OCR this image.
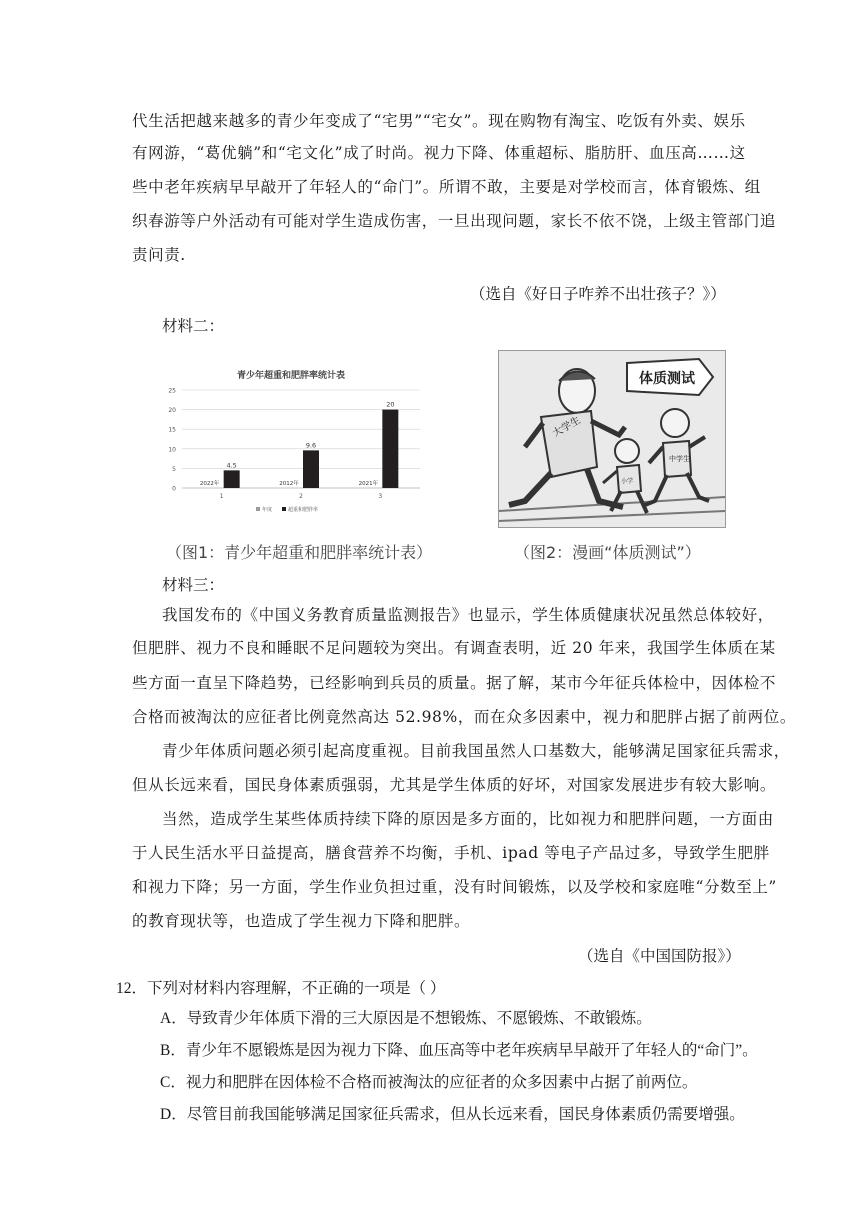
代生活把越来越多的青少年变成了“宅男”“宅女”。现在购物有淘宝、吃饭有外卖、娱乐
有网游，“葛优躺”和“宅文化”成了时尚。视力下降、体重超标、脂肪肝、血压高……这
些中老年疾病早早敲开了年轻人的“命门”。所谓不敢，主要是对学校而言，体育锻炼、组
织春游等户外活动有可能对学生造成伤害，一旦出现问题，家长不依不饶，上级主管部门追
责问责.
（选自《好日子咋养不出壮孩子？》）
材料二：
青少年超重和肥胖率统计表
0
5
10
15
20
25
4.5
2022年
1
9.6
2012年
2
20
2021年
3
年度	超重和肥胖率
体质测试
大学生
中学生
小学
（图1：青少年超重和肥胖率统计表）	（图2：漫画“体质测试”）
材料三：
我国发布的《中国义务教育质量监测报告》也显示，学生体质健康状况虽然总体较好，
但肥胖、视力不良和睡眠不足问题较为突出。有调查表明，近 20 年来，我国学生体质在某
些方面一直呈下降趋势，已经影响到兵员的质量。据了解，某市今年征兵体检中，因体检不
合格而被淘汰的应征者比例竟然高达 52.98%，而在众多因素中，视力和肥胖占据了前两位。
青少年体质问题必须引起高度重视。目前我国虽然人口基数大，能够满足国家征兵需求，
但从长远来看，国民身体素质强弱，尤其是学生体质的好坏，对国家发展进步有较大影响。
当然，造成学生某些体质持续下降的原因是多方面的，比如视力和肥胖问题，一方面由
于人民生活水平日益提高，膳食营养不均衡，手机、ipad 等电子产品过多，导致学生肥胖
和视力下降；另一方面，学生作业负担过重，没有时间锻炼，以及学校和家庭唯“分数至上”
的教育现状等，也造成了学生视力下降和肥胖。
（选自《中国国防报》）
12．下列对材料内容理解，不正确的一项是（ ）
A．导致青少年体质下滑的三大原因是不想锻炼、不愿锻炼、不敢锻炼。
B．青少年不愿锻炼是因为视力下降、血压高等中老年疾病早早敲开了年轻人的“命门”。
C．视力和肥胖在因体检不合格而被淘汰的应征者的众多因素中占据了前两位。
D．尽管目前我国能够满足国家征兵需求，但从长远来看，国民身体素质仍需要增强。
